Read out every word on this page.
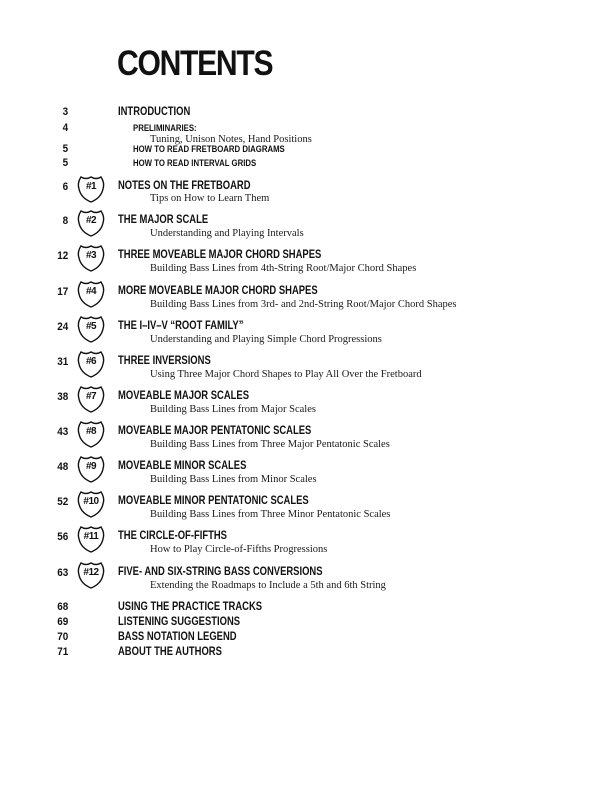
CONTENTS
3	INTRODUCTION
4	PRELIMINARIES:
Tuning, Unison Notes, Hand Positions
5	HOW TO READ FRETBOARD DIAGRAMS
5	HOW TO READ INTERVAL GRIDS
6	#1	NOTES ON THE FRETBOARD
Tips on How to Learn Them
8	#2	THE MAJOR SCALE
Understanding and Playing Intervals
12	#3	THREE MOVEABLE MAJOR CHORD SHAPES
Building Bass Lines from 4th-String Root/Major Chord Shapes
17	#4	MORE MOVEABLE MAJOR CHORD SHAPES
Building Bass Lines from 3rd- and 2nd-String Root/Major Chord Shapes
24	#5	THE I–IV–V “ROOT FAMILY”
Understanding and Playing Simple Chord Progressions
31	#6	THREE INVERSIONS
Using Three Major Chord Shapes to Play All Over the Fretboard
38	#7	MOVEABLE MAJOR SCALES
Building Bass Lines from Major Scales
43	#8	MOVEABLE MAJOR PENTATONIC SCALES
Building Bass Lines from Three Major Pentatonic Scales
48	#9	MOVEABLE MINOR SCALES
Building Bass Lines from Minor Scales
52	#10	MOVEABLE MINOR PENTATONIC SCALES
Building Bass Lines from Three Minor Pentatonic Scales
56	#11	THE CIRCLE-OF-FIFTHS
How to Play Circle-of-Fifths Progressions
63	#12	FIVE- AND SIX-STRING BASS CONVERSIONS
Extending the Roadmaps to Include a 5th and 6th String
68	USING THE PRACTICE TRACKS
69	LISTENING SUGGESTIONS
70	BASS NOTATION LEGEND
71	ABOUT THE AUTHORS
